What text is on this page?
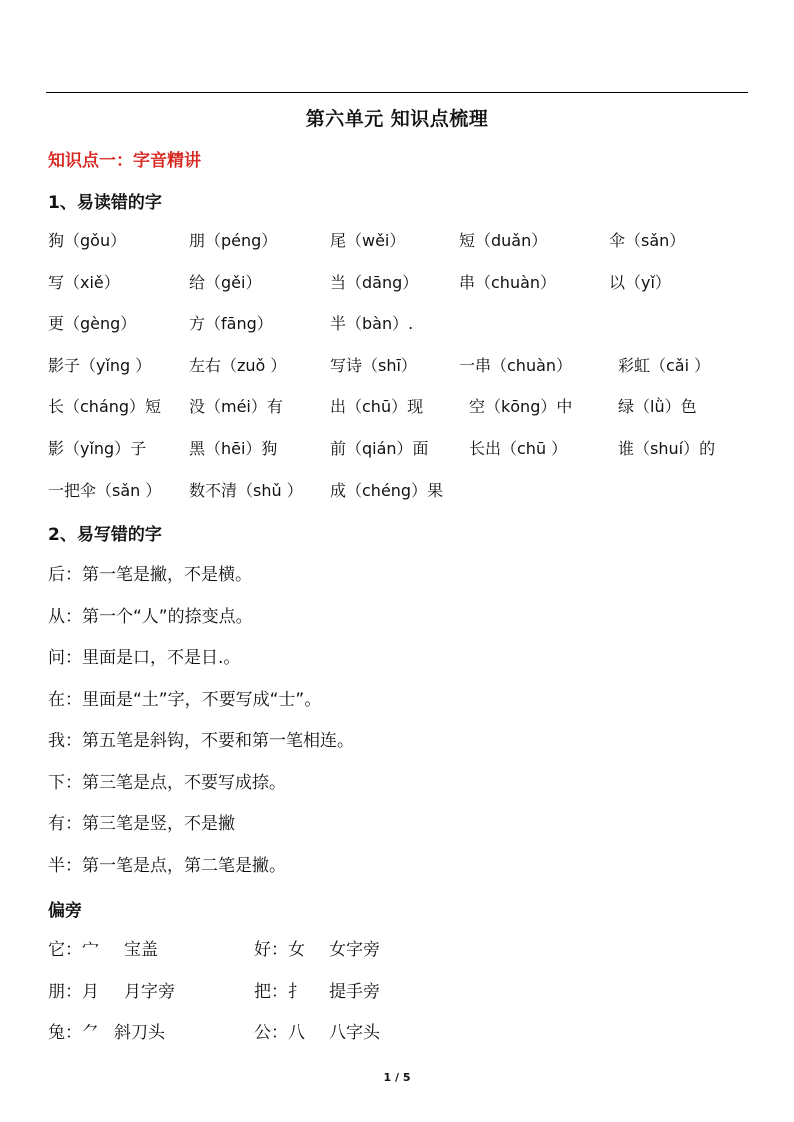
第六单元 知识点梳理
知识点一：字音精讲
1、易读错的字
狗（gǒu）	朋（péng）	尾（wěi）	短（duǎn）	伞（sǎn）
写（xiě）	给（gěi）	当（dāng）	串（chuàn）	以（yǐ）
更（gèng）	方（fāng）	半（bàn）.
影子（yǐng ） 左右（zuǒ ）	写诗（shī）	一串（chuàn）	彩虹（cǎi ）
长（cháng）短 没（méi）有	出（chū）现	空（kōng）中	绿（lǜ）色
影（yǐng）子	黑（hēi）狗	前（qián）面	长出（chū ）	谁（shuí）的
一把伞（sǎn ） 数不清（shǔ ） 成（chéng）果
2、易写错的字
后：第一笔是撇，不是横。
从：第一个“人”的捺变点。
问：里面是口，不是日.。
在：里面是“土”字，不要写成“士”。
我：第五笔是斜钩，不要和第一笔相连。
下：第三笔是点，不要写成捺。
有：第三笔是竖，不是撇
半：第一笔是点，第二笔是撇。
偏旁
它：宀 宝盖	好：女 女字旁
朋：月 月字旁	把：扌 提手旁
兔：⺈ 斜刀头	公：八 八字头
1 / 5
